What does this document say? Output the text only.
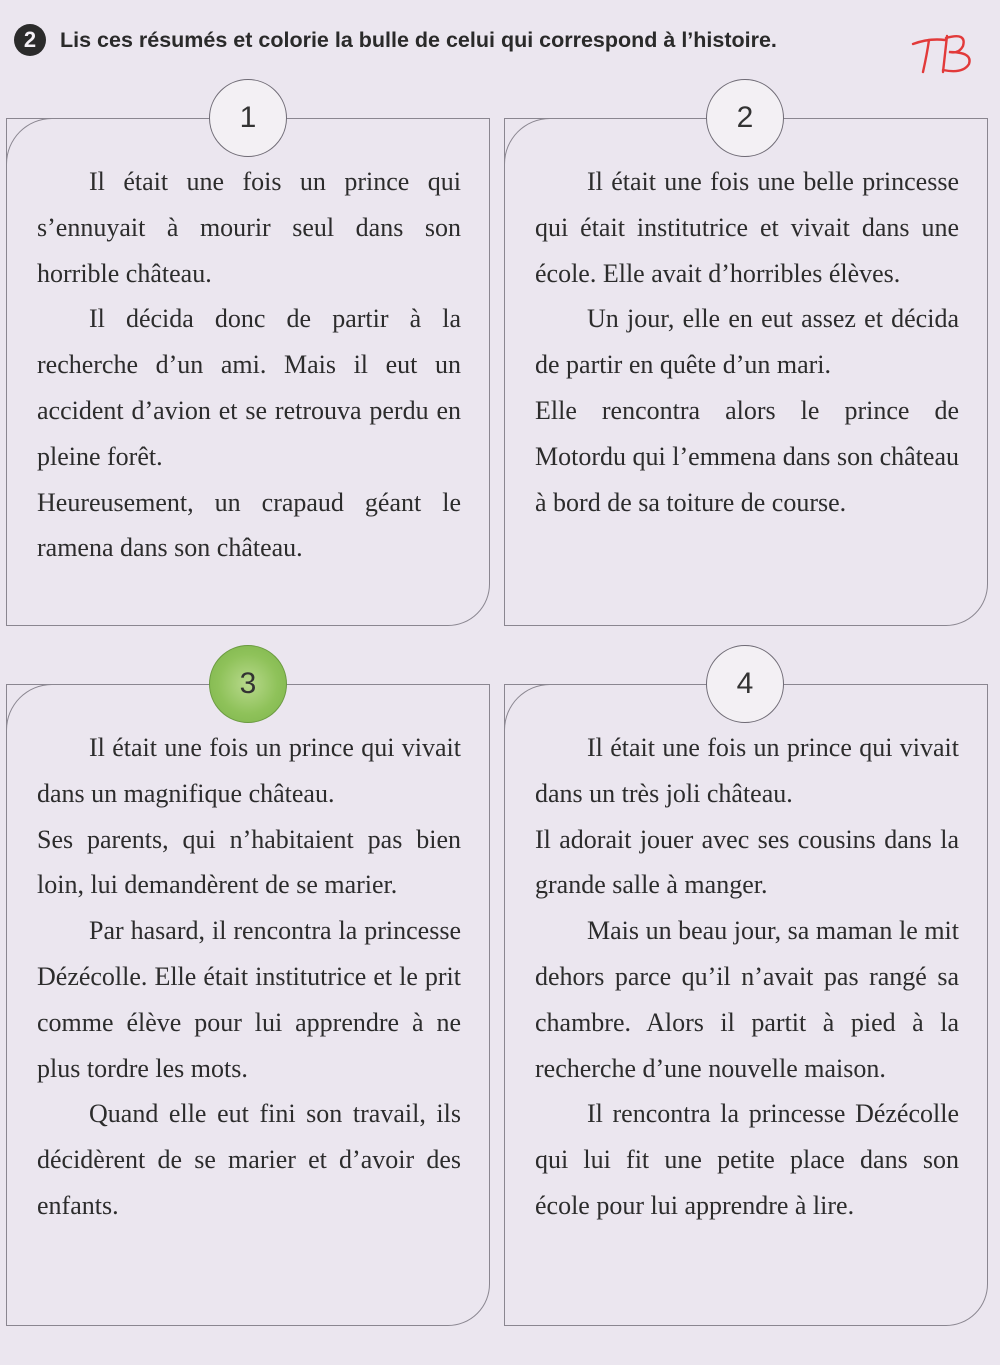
2	Lis ces résumés et colorie la bulle de celui qui correspond à l’histoire.

Il était une fois un prince qui s’ennuyait à mourir seul dans son horrible château.

Il décida donc de partir à la recherche d’un ami. Mais il eut un accident d’avion et se retrouva perdu en pleine forêt.

Heureusement, un crapaud géant le ramena dans son château.

1

Il était une fois une belle princesse qui était institutrice et vivait dans une école. Elle avait d’horribles élèves.

Un jour, elle en eut assez et décida de partir en quête d’un mari.

Elle rencontra alors le prince de Motordu qui l’emmena dans son château à bord de sa toiture de course.

2

Il était une fois un prince qui vivait dans un magnifique château.

Ses parents, qui n’habitaient pas bien loin, lui demandèrent de se marier.

Par hasard, il rencontra la princesse Dézécolle. Elle était institutrice et le prit comme élève pour lui apprendre à ne plus tordre les mots.

Quand elle eut fini son travail, ils décidèrent de se marier et d’avoir des enfants.

3

Il était une fois un prince qui vivait dans un très joli château.

Il adorait jouer avec ses cousins dans la grande salle à manger.

Mais un beau jour, sa maman le mit dehors parce qu’il n’avait pas rangé sa chambre. Alors il partit à pied à la recherche d’une nouvelle maison.

Il rencontra la princesse Dézécolle qui lui fit une petite place dans son école pour lui apprendre à lire.

4
